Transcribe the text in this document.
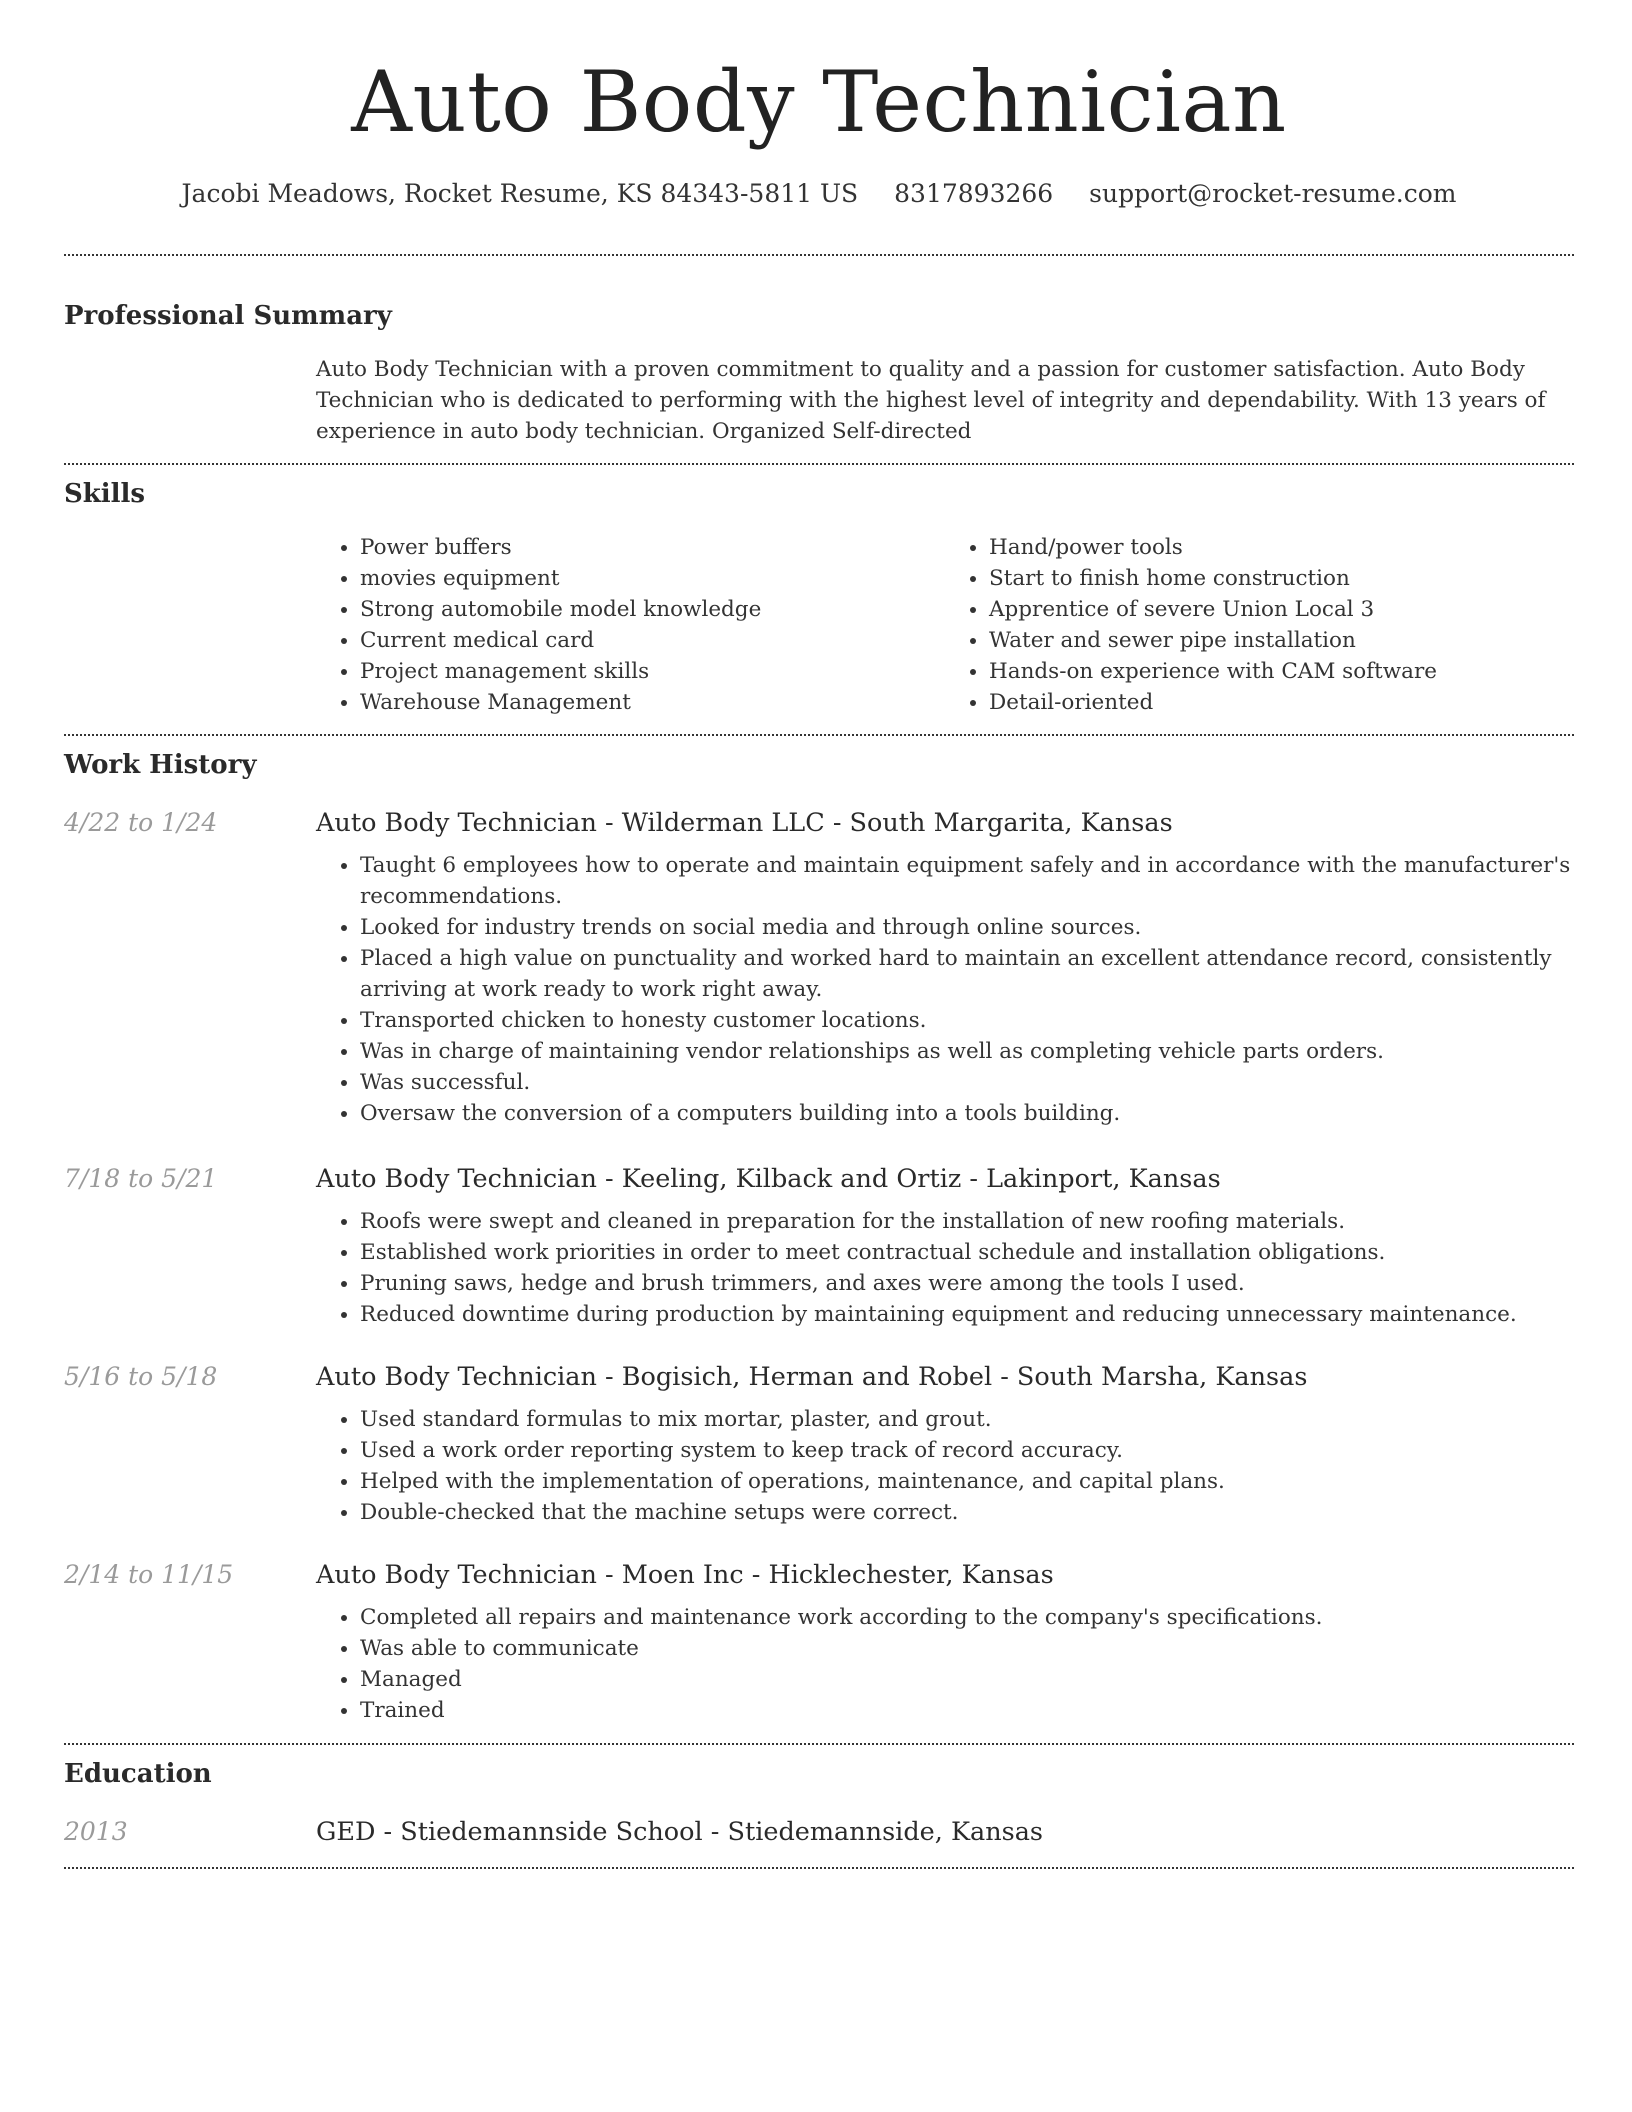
Auto Body Technician
Jacobi Meadows, Rocket Resume, KS 84343-5811 US 8317893266 support@rocket-resume.com
Professional Summary
Auto Body Technician with a proven commitment to quality and a passion for customer satisfaction. Auto Body Technician who is dedicated to performing with the highest level of integrity and dependability. With 13 years of experience in auto body technician. Organized Self-directed
Skills
• Power buffers
• movies equipment
• Strong automobile model knowledge
• Current medical card
• Project management skills
• Warehouse Management
• Hand/power tools
• Start to finish home construction
• Apprentice of severe Union Local 3
• Water and sewer pipe installation
• Hands-on experience with CAM software
• Detail-oriented
Work History
4/22 to 1/24	Auto Body Technician - Wilderman LLC - South Margarita, Kansas
• Taught 6 employees how to operate and maintain equipment safely and in accordance with the manufacturer's recommendations.
• Looked for industry trends on social media and through online sources.
• Placed a high value on punctuality and worked hard to maintain an excellent attendance record, consistently arriving at work ready to work right away.
• Transported chicken to honesty customer locations.
• Was in charge of maintaining vendor relationships as well as completing vehicle parts orders.
• Was successful.
• Oversaw the conversion of a computers building into a tools building.
7/18 to 5/21	Auto Body Technician - Keeling, Kilback and Ortiz - Lakinport, Kansas
• Roofs were swept and cleaned in preparation for the installation of new roofing materials.
• Established work priorities in order to meet contractual schedule and installation obligations.
• Pruning saws, hedge and brush trimmers, and axes were among the tools I used.
• Reduced downtime during production by maintaining equipment and reducing unnecessary maintenance.
5/16 to 5/18	Auto Body Technician - Bogisich, Herman and Robel - South Marsha, Kansas
• Used standard formulas to mix mortar, plaster, and grout.
• Used a work order reporting system to keep track of record accuracy.
• Helped with the implementation of operations, maintenance, and capital plans.
• Double-checked that the machine setups were correct.
2/14 to 11/15	Auto Body Technician - Moen Inc - Hicklechester, Kansas
• Completed all repairs and maintenance work according to the company's specifications.
• Was able to communicate
• Managed
• Trained
Education
2013	GED - Stiedemannside School - Stiedemannside, Kansas
